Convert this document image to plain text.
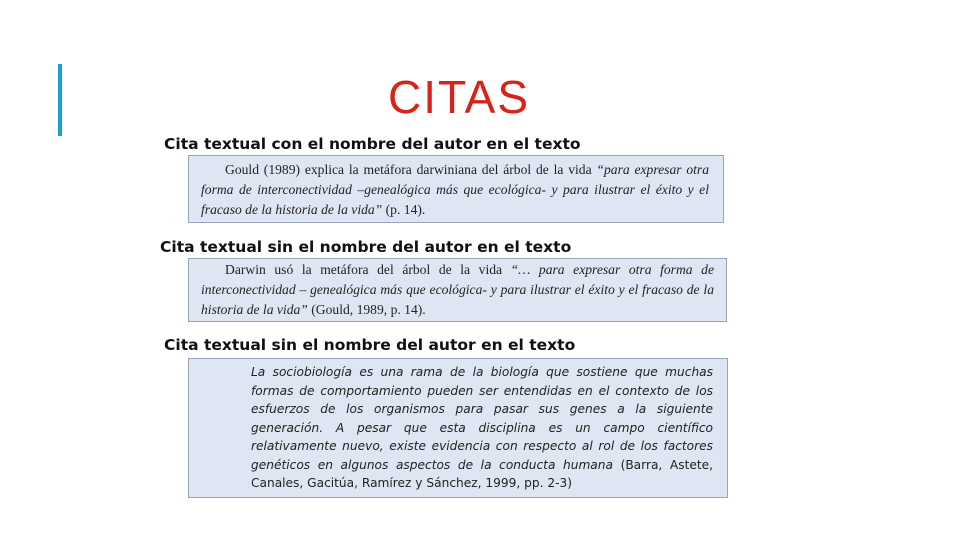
CITAS
Cita textual con el nombre del autor en el texto

Gould (1989) explica la metáfora darwiniana del árbol de la vida “para expresar otra forma de interconectividad –genealógica más que ecológica- y para ilustrar el éxito y el fracaso de la historia de la vida” (p. 14).

Cita textual sin el nombre del autor en el texto

Darwin usó la metáfora del árbol de la vida “… para expresar otra forma de interconectividad – genealógica más que ecológica- y para ilustrar el éxito y el fracaso de la historia de la vida” (Gould, 1989, p. 14).

Cita textual sin el nombre del autor en el texto

La sociobiología es una rama de la biología que sostiene que muchas formas de comportamiento pueden ser entendidas en el contexto de los esfuerzos de los organismos para pasar sus genes a la siguiente generación. A pesar que esta disciplina es un campo científico relativamente nuevo, existe evidencia con respecto al rol de los factores genéticos en algunos aspectos de la conducta humana (Barra, Astete, Canales, Gacitúa, Ramírez y Sánchez, 1999, pp. 2-3)
